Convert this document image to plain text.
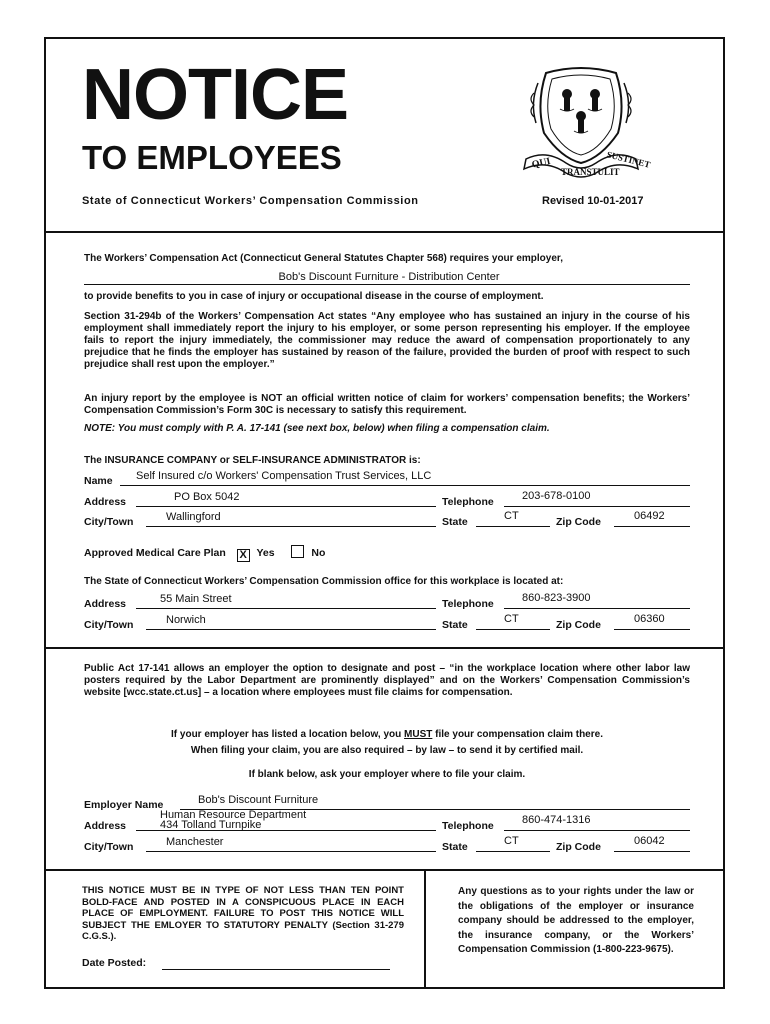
NOTICE
TO EMPLOYEES
State of Connecticut Workers’ Compensation Commission	Revised 10-01-2017
QUI
TRANSTULIT
SUSTINET
The Workers’ Compensation Act (Connecticut General Statutes Chapter 568) requires your employer,
Bob's Discount Furniture - Distribution Center
to provide benefits to you in case of injury or occupational disease in the course of employment.
Section 31-294b of the Workers’ Compensation Act states “Any employee who has sustained an injury in the course of his employment shall immediately report the injury to his employer, or some person representing his employer. If the employee fails to report the injury immediately, the commissioner may reduce the award of compensation proportionately to any prejudice that he finds the employer has sustained by reason of the failure, provided the burden of proof with respect to such prejudice shall rest upon the employer.”
An injury report by the employee is NOT an official written notice of claim for workers’ compensation benefits; the Workers’ Compensation Commission’s Form 30C is necessary to satisfy this requirement.
NOTE: You must comply with P. A. 17-141 (see next box, below) when filing a compensation claim.
The INSURANCE COMPANY or SELF-INSURANCE ADMINISTRATOR is:
Name Self Insured c/o Workers' Compensation Trust Services, LLC
Address	PO Box 5042	Telephone	203-678-0100
City/Town	Wallingford	State	CT	Zip Code	06492
Approved Medical Care Plan X Yes	No
The State of Connecticut Workers’ Compensation Commission office for this workplace is located at:
Address	55 Main Street	Telephone	860-823-3900
City/Town	Norwich	State	CT	Zip Code	06360
Public Act 17-141 allows an employer the option to designate and post – “in the workplace location where other labor law posters required by the Labor Department are prominently displayed” and on the Workers’ Compensation Commission’s website [wcc.state.ct.us] – a location where employees must file claims for compensation.
If your employer has listed a location below, you MUST file your compensation claim there.
When filing your claim, you are also required – by law – to send it by certified mail.
If blank below, ask your employer where to file your claim.
Employer Name	Bob's Discount Furniture
Address
Human Resource Department
434 Tolland Turnpike	Telephone	860-474-1316
City/Town	Manchester	State	CT	Zip Code	06042
THIS NOTICE MUST BE IN TYPE OF NOT LESS THAN TEN POINT BOLD-FACE AND POSTED IN A CONSPICUOUS PLACE IN EACH PLACE OF EMPLOYMENT. FAILURE TO POST THIS NOTICE WILL SUBJECT THE EMLOYER TO STATUTORY PENALTY (Section 31-279 C.G.S.).
Date Posted:
Any questions as to your rights under the law or the obligations of the employer or insurance company should be addressed to the employer, the insurance company, or the Workers’ Compensation Commission (1-800-223-9675).
